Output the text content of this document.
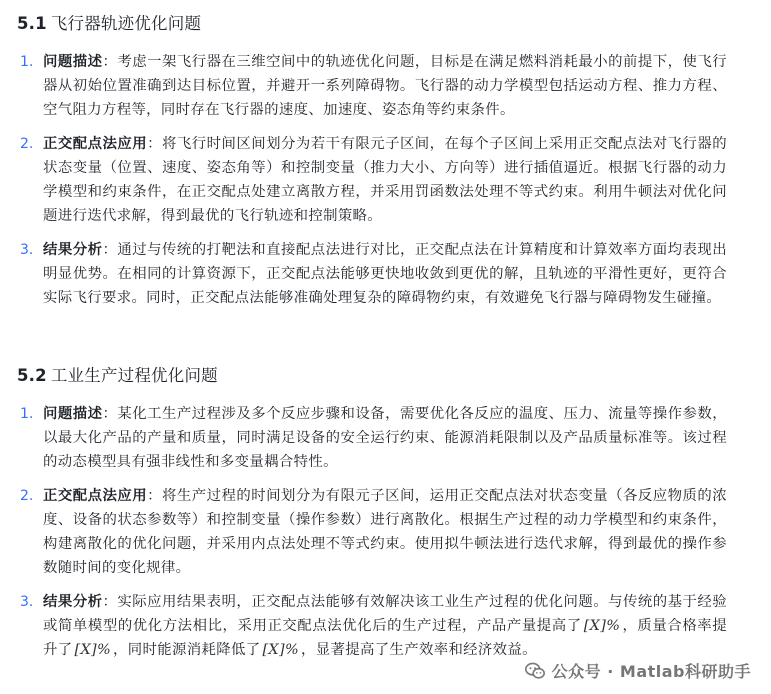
5.1 飞行器轨迹优化问题
1. 问题描述：考虑一架飞行器在三维空间中的轨迹优化问题，目标是在满足燃料消耗最小的前提下，使飞行器从初始位置准确到达目标位置，并避开一系列障碍物。飞行器的动力学模型包括运动方程、推力方程、空气阻力方程等，同时存在飞行器的速度、加速度、姿态角等约束条件。
2. 正交配点法应用：将飞行时间区间划分为若干有限元子区间，在每个子区间上采用正交配点法对飞行器的状态变量（位置、速度、姿态角等）和控制变量（推力大小、方向等）进行插值逼近。根据飞行器的动力学模型和约束条件，在正交配点处建立离散方程，并采用罚函数法处理不等式约束。利用牛顿法对优化问题进行迭代求解，得到最优的飞行轨迹和控制策略。
3. 结果分析：通过与传统的打靶法和直接配点法进行对比，正交配点法在计算精度和计算效率方面均表现出明显优势。在相同的计算资源下，正交配点法能够更快地收敛到更优的解，且轨迹的平滑性更好，更符合实际飞行要求。同时，正交配点法能够准确处理复杂的障碍物约束，有效避免飞行器与障碍物发生碰撞。
5.2 工业生产过程优化问题
1. 问题描述：某化工生产过程涉及多个反应步骤和设备，需要优化各反应的温度、压力、流量等操作参数，以最大化产品的产量和质量，同时满足设备的安全运行约束、能源消耗限制以及产品质量标准等。该过程的动态模型具有强非线性和多变量耦合特性。
2. 正交配点法应用：将生产过程的时间划分为有限元子区间，运用正交配点法对状态变量（各反应物质的浓度、设备的状态参数等）和控制变量（操作参数）进行离散化。根据生产过程的动力学模型和约束条件，构建离散化的优化问题，并采用内点法处理不等式约束。使用拟牛顿法进行迭代求解，得到最优的操作参数随时间的变化规律。
3. 结果分析：实际应用结果表明，正交配点法能够有效解决该工业生产过程的优化问题。与传统的基于经验或简单模型的优化方法相比，采用正交配点法优化后的生产过程，产品产量提高了 [X]% ，质量合格率提升了 [X]% ，同时能源消耗降低了 [X]% ，显著提高了生产效率和经济效益。
公众号 · Matlab科研助手
